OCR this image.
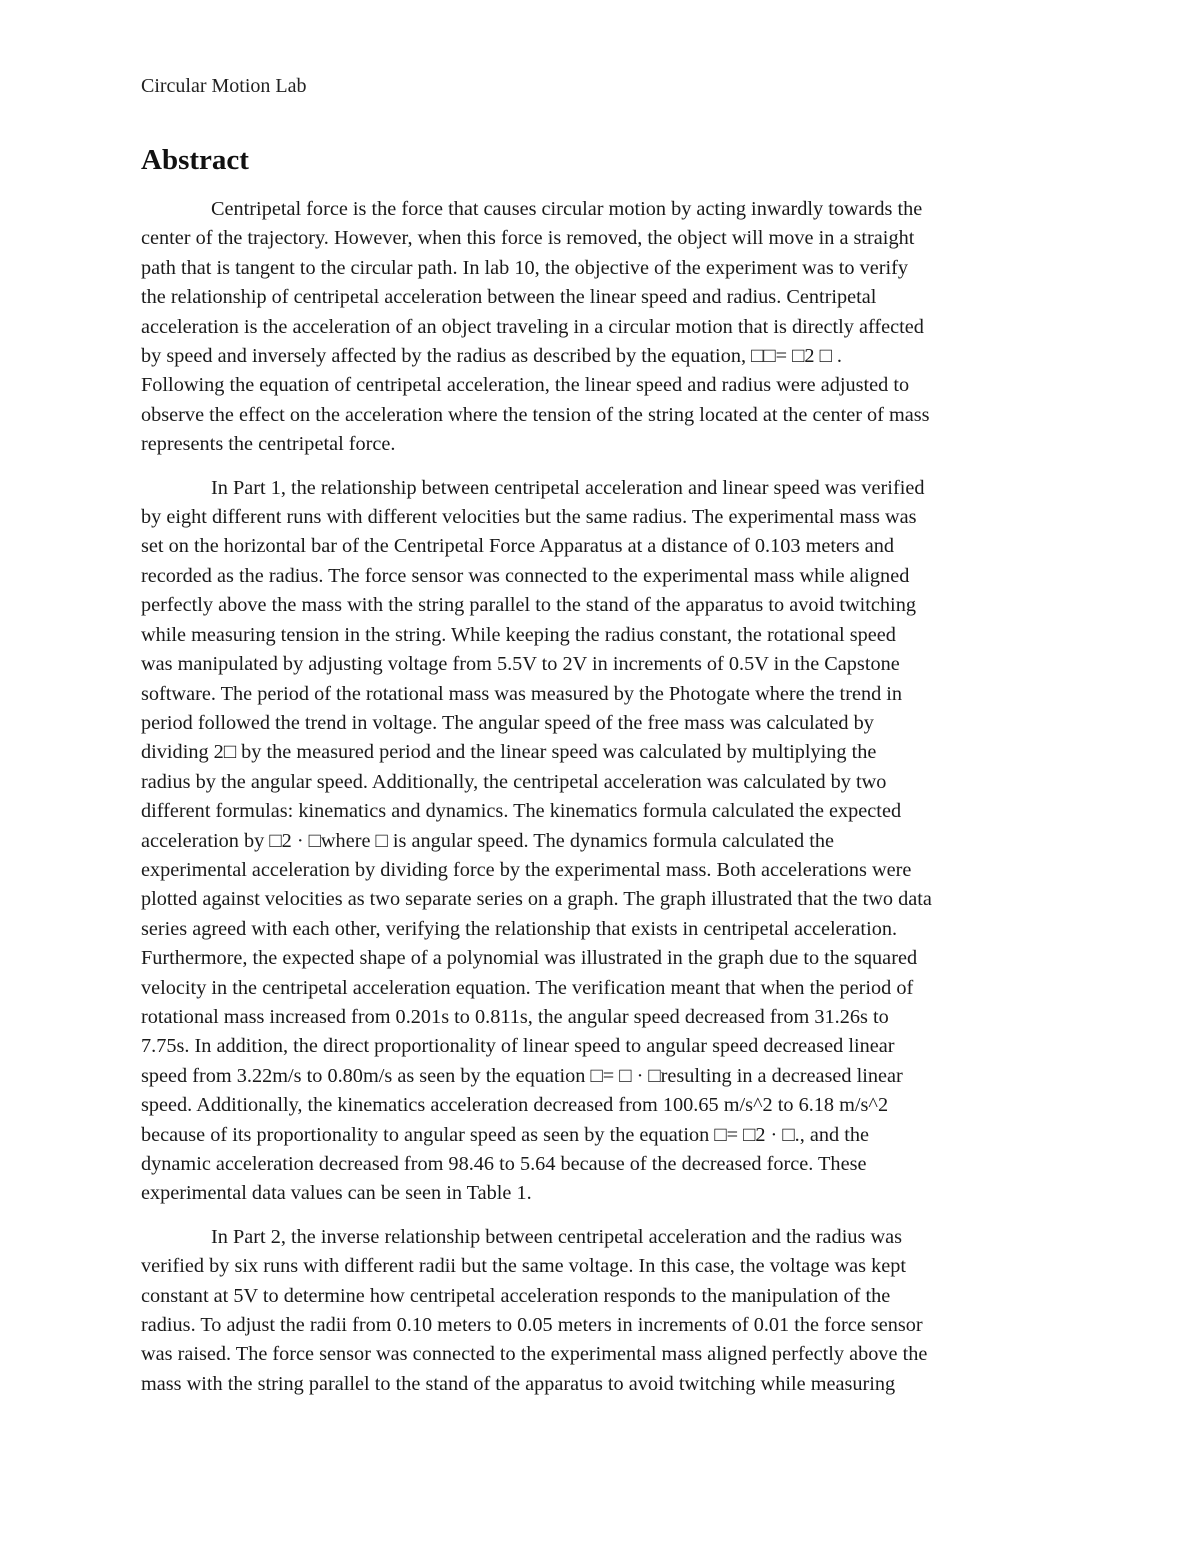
Circular Motion Lab
Abstract

Centripetal force is the force that causes circular motion by acting inwardly towards the
center of the trajectory. However, when this force is removed, the object will move in a straight
path that is tangent to the circular path. In lab 10, the objective of the experiment was to verify
the relationship of centripetal acceleration between the linear speed and radius. Centripetal
acceleration is the acceleration of an object traveling in a circular motion that is directly affected
by speed and inversely affected by the radius as described by the equation, □□= □2 □ .
Following the equation of centripetal acceleration, the linear speed and radius were adjusted to
observe the effect on the acceleration where the tension of the string located at the center of mass
represents the centripetal force.

In Part 1, the relationship between centripetal acceleration and linear speed was verified
by eight different runs with different velocities but the same radius. The experimental mass was
set on the horizontal bar of the Centripetal Force Apparatus at a distance of 0.103 meters and
recorded as the radius. The force sensor was connected to the experimental mass while aligned
perfectly above the mass with the string parallel to the stand of the apparatus to avoid twitching
while measuring tension in the string. While keeping the radius constant, the rotational speed
was manipulated by adjusting voltage from 5.5V to 2V in increments of 0.5V in the Capstone
software. The period of the rotational mass was measured by the Photogate where the trend in
period followed the trend in voltage. The angular speed of the free mass was calculated by
dividing 2□ by the measured period and the linear speed was calculated by multiplying the
radius by the angular speed. Additionally, the centripetal acceleration was calculated by two
different formulas: kinematics and dynamics. The kinematics formula calculated the expected
acceleration by □2 · □where □ is angular speed. The dynamics formula calculated the
experimental acceleration by dividing force by the experimental mass. Both accelerations were
plotted against velocities as two separate series on a graph. The graph illustrated that the two data
series agreed with each other, verifying the relationship that exists in centripetal acceleration.
Furthermore, the expected shape of a polynomial was illustrated in the graph due to the squared
velocity in the centripetal acceleration equation. The verification meant that when the period of
rotational mass increased from 0.201s to 0.811s, the angular speed decreased from 31.26s to
7.75s. In addition, the direct proportionality of linear speed to angular speed decreased linear
speed from 3.22m/s to 0.80m/s as seen by the equation □= □ · □resulting in a decreased linear
speed. Additionally, the kinematics acceleration decreased from 100.65 m/s^2 to 6.18 m/s^2
because of its proportionality to angular speed as seen by the equation □= □2 · □., and the
dynamic acceleration decreased from 98.46 to 5.64 because of the decreased force. These
experimental data values can be seen in Table 1.

In Part 2, the inverse relationship between centripetal acceleration and the radius was
verified by six runs with different radii but the same voltage. In this case, the voltage was kept
constant at 5V to determine how centripetal acceleration responds to the manipulation of the
radius. To adjust the radii from 0.10 meters to 0.05 meters in increments of 0.01 the force sensor
was raised. The force sensor was connected to the experimental mass aligned perfectly above the
mass with the string parallel to the stand of the apparatus to avoid twitching while measuring
